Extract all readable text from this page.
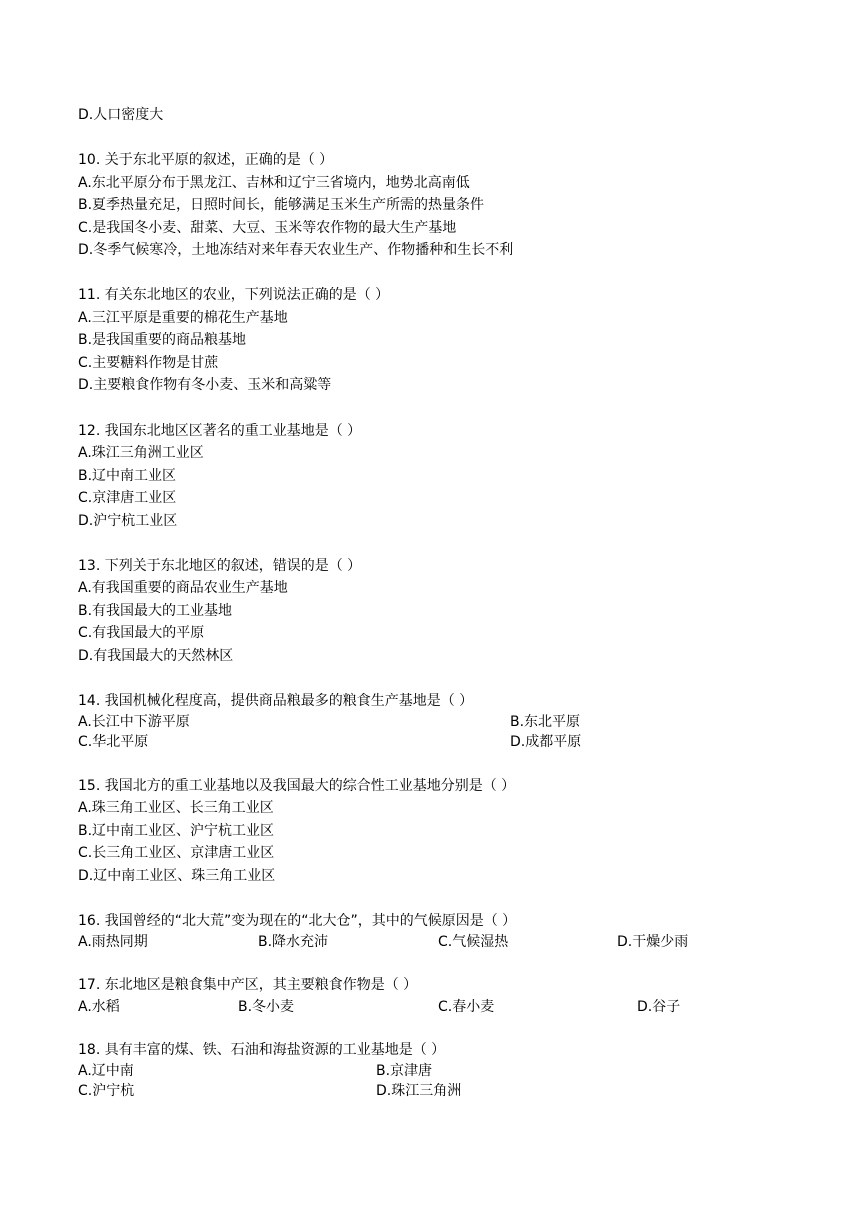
D.人口密度大
10. 关于东北平原的叙述，正确的是（ ）
A.东北平原分布于黑龙江、吉林和辽宁三省境内，地势北高南低
B.夏季热量充足，日照时间长，能够满足玉米生产所需的热量条件
C.是我国冬小麦、甜菜、大豆、玉米等农作物的最大生产基地
D.冬季气候寒冷，土地冻结对来年春天农业生产、作物播种和生长不利
11. 有关东北地区的农业，下列说法正确的是（ ）
A.三江平原是重要的棉花生产基地
B.是我国重要的商品粮基地
C.主要糖料作物是甘蔗
D.主要粮食作物有冬小麦、玉米和高粱等
12. 我国东北地区区著名的重工业基地是（ ）
A.珠江三角洲工业区
B.辽中南工业区
C.京津唐工业区
D.沪宁杭工业区
13. 下列关于东北地区的叙述，错误的是（ ）
A.有我国重要的商品农业生产基地
B.有我国最大的工业基地
C.有我国最大的平原
D.有我国最大的天然林区
14. 我国机械化程度高，提供商品粮最多的粮食生产基地是（ ）
A.长江中下游平原	B.东北平原
C.华北平原	D.成都平原
15. 我国北方的重工业基地以及我国最大的综合性工业基地分别是（ ）
A.珠三角工业区、长三角工业区
B.辽中南工业区、沪宁杭工业区
C.长三角工业区、京津唐工业区
D.辽中南工业区、珠三角工业区
16. 我国曾经的“北大荒”变为现在的“北大仓”，其中的气候原因是（ ）
A.雨热同期	B.降水充沛	C.气候湿热	D.干燥少雨
17. 东北地区是粮食集中产区，其主要粮食作物是（ ）
A.水稻	B.冬小麦	C.春小麦	D.谷子
18. 具有丰富的煤、铁、石油和海盐资源的工业基地是（ ）
A.辽中南	B.京津唐
C.沪宁杭	D.珠江三角洲
